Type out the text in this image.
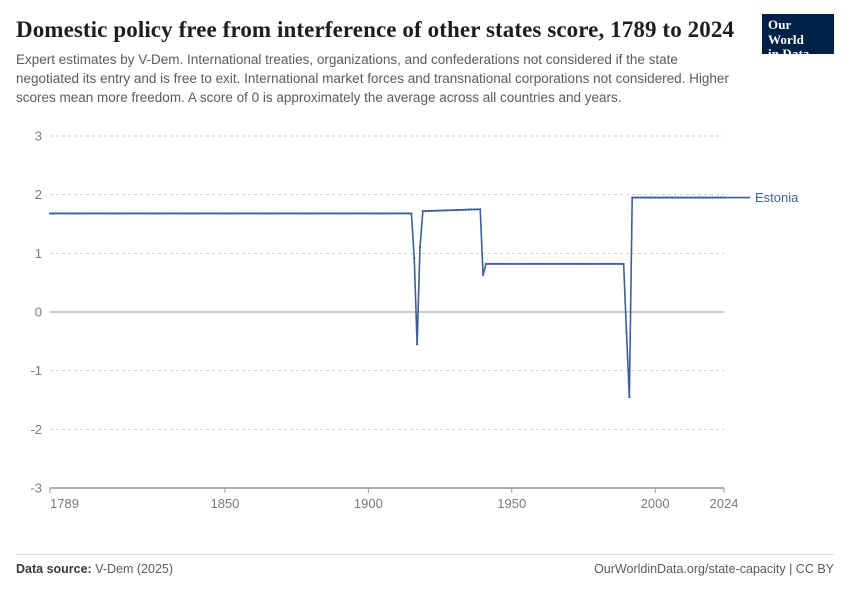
Domestic policy free from interference of other states score, 1789 to 2024

Expert estimates by V-Dem. International treaties, organizations, and confederations not considered if the state negotiated its entry and is free to exit. International market forces and transnational corporations not considered. Higher scores mean more freedom. A score of 0 is approximately the average across all countries and years.

Our World
in Data
3
2
1
0
-1
-2
-3
1789	1850	1900	1950	2000	2024
Estonia
Data source: V-Dem (2025)	OurWorldinData.org/state-capacity | CC BY
